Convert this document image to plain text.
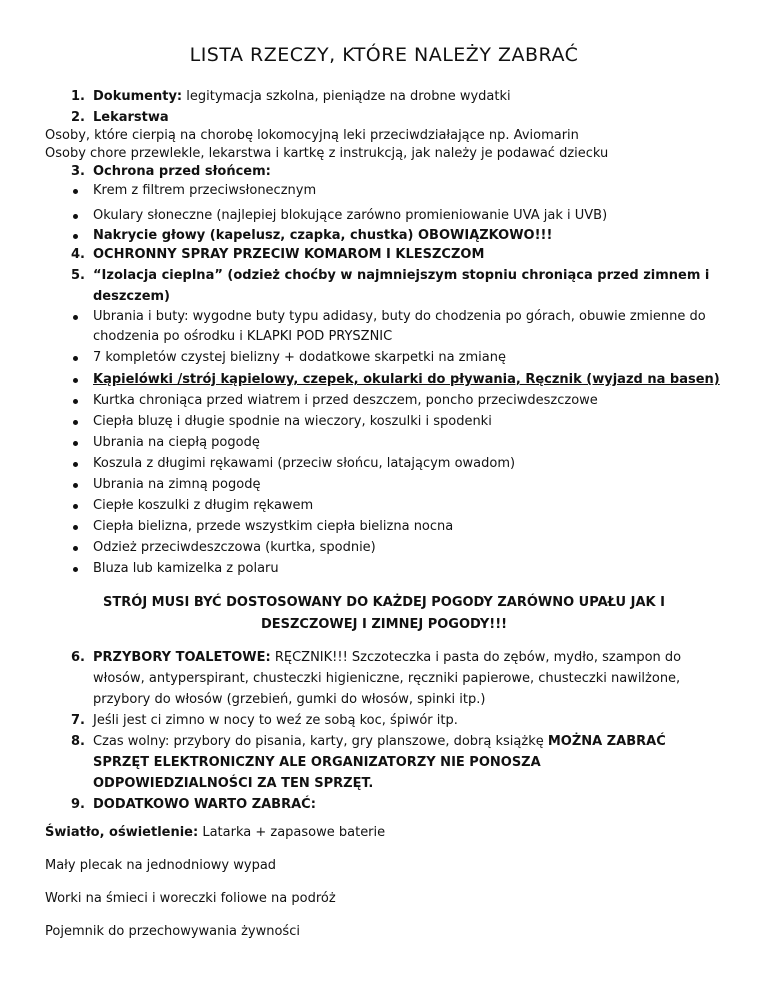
LISTA RZECZY, KTÓRE NALEŻY ZABRAĆ
1. Dokumenty: legitymacja szkolna, pieniądze na drobne wydatki
2. Lekarstwa
Osoby, które cierpią na chorobę lokomocyjną leki przeciwdziałające np. Aviomarin
Osoby chore przewlekle, lekarstwa i kartkę z instrukcją, jak należy je podawać dziecku
3. Ochrona przed słońcem:
Krem z filtrem przeciwsłonecznym
Okulary słoneczne (najlepiej blokujące zarówno promieniowanie UVA jak i UVB)
Nakrycie głowy (kapelusz, czapka, chustka) OBOWIĄZKOWO!!!
4. OCHRONNY SPRAY PRZECIW KOMAROM I KLESZCZOM
5. “Izolacja cieplna” (odzież choćby w najmniejszym stopniu chroniąca przed zimnem i
deszczem)
Ubrania i buty: wygodne buty typu adidasy, buty do chodzenia po górach, obuwie zmienne do
chodzenia po ośrodku i KLAPKI POD PRYSZNIC
7 kompletów czystej bielizny + dodatkowe skarpetki na zmianę
Kąpielówki /strój kąpielowy, czepek, okularki do pływania, Ręcznik (wyjazd na basen)
Kurtka chroniąca przed wiatrem i przed deszczem, poncho przeciwdeszczowe
Ciepła bluzę i długie spodnie na wieczory, koszulki i spodenki
Ubrania na ciepłą pogodę
Koszula z długimi rękawami (przeciw słońcu, latającym owadom)
Ubrania na zimną pogodę
Ciepłe koszulki z długim rękawem
Ciepła bielizna, przede wszystkim ciepła bielizna nocna
Odzież przeciwdeszczowa (kurtka, spodnie)
Bluza lub kamizelka z polaru
STRÓJ MUSI BYĆ DOSTOSOWANY DO KAŻDEJ POGODY ZARÓWNO UPAŁU JAK I
DESZCZOWEJ I ZIMNEJ POGODY!!!
6. PRZYBORY TOALETOWE: RĘCZNIK!!! Szczoteczka i pasta do zębów, mydło, szampon do
włosów, antyperspirant, chusteczki higieniczne, ręczniki papierowe, chusteczki nawilżone,
przybory do włosów (grzebień, gumki do włosów, spinki itp.)
7. Jeśli jest ci zimno w nocy to weź ze sobą koc, śpiwór itp.
8. Czas wolny: przybory do pisania, karty, gry planszowe, dobrą książkę MOŻNA ZABRAĆ
SPRZĘT ELEKTRONICZNY ALE ORGANIZATORZY NIE PONOSZA
ODPOWIEDZIALNOŚCI ZA TEN SPRZĘT.
9. DODATKOWO WARTO ZABRAĆ:
Światło, oświetlenie: Latarka + zapasowe baterie
Mały plecak na jednodniowy wypad
Worki na śmieci i woreczki foliowe na podróż
Pojemnik do przechowywania żywności
